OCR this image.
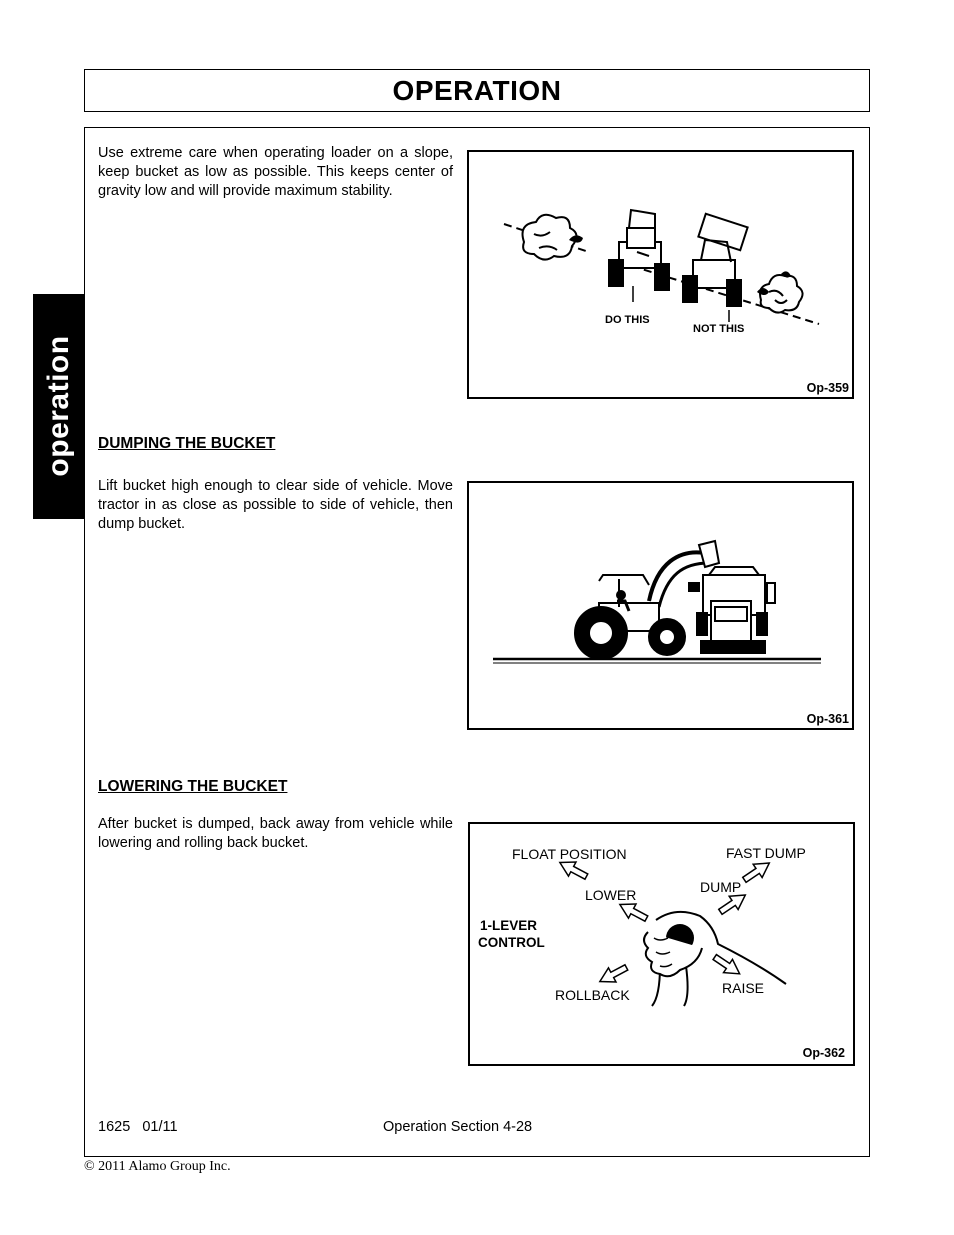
OPERATION
operation
Use extreme care when operating loader on a slope, keep bucket as low as possible. This keeps center of gravity low and will provide maximum stability.
DO THIS
NOT THIS
Op-359
DUMPING THE BUCKET
Lift bucket high enough to clear side of vehicle. Move tractor in as close as possible to side of vehicle, then dump bucket.
Op-361
LOWERING THE BUCKET
After bucket is dumped, back away from vehicle while lowering and rolling back bucket.
FLOAT POSITION	FAST DUMP
LOWER	DUMP
1-LEVER
CONTROL
ROLLBACK	RAISE
Op-362
1625   01/11	Operation Section 4-28
© 2011 Alamo Group Inc.
